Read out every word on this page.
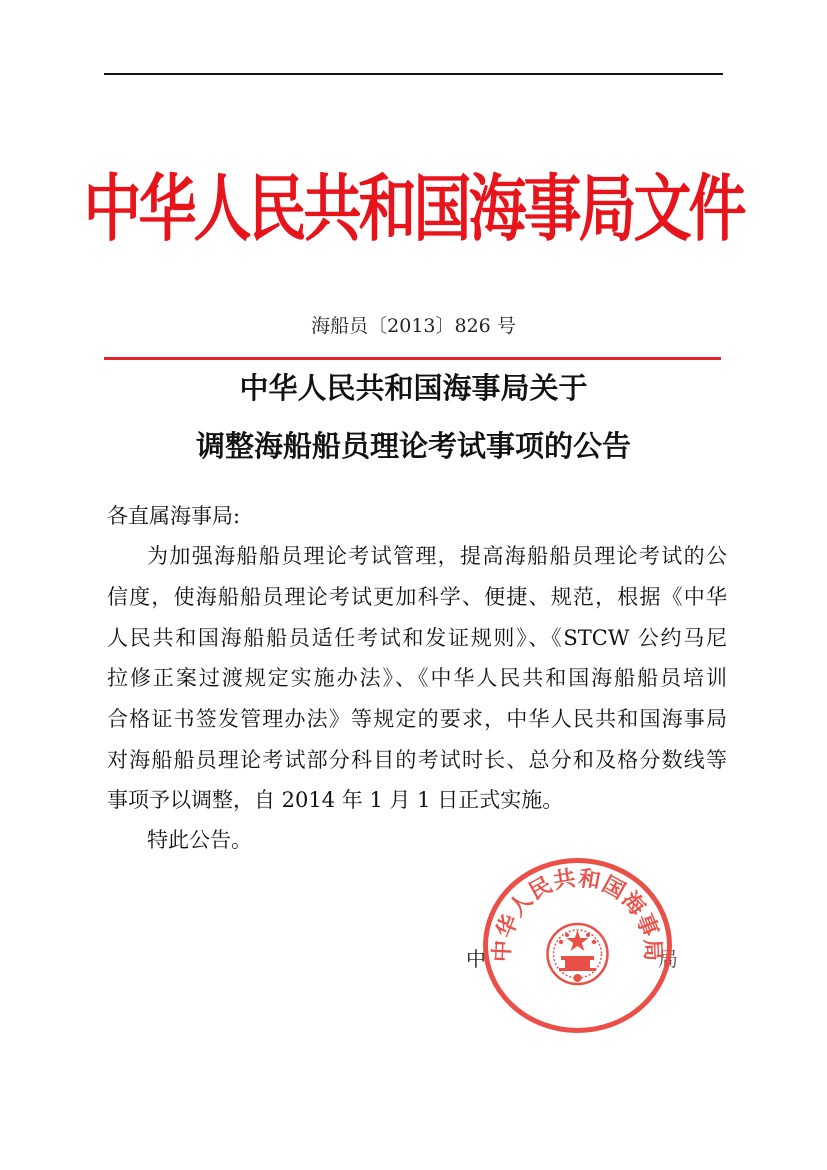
中华人民共和国海事局文件
海船员〔2013〕826 号
中华人民共和国海事局关于
调整海船船员理论考试事项的公告
各直属海事局:
为加强海船船员理论考试管理，提高海船船员理论考试的公
信度，使海船船员理论考试更加科学、便捷、规范，根据《中华
人民共和国海船船员适任考试和发证规则》、《STCW 公约马尼
拉修正案过渡规定实施办法》、《中华人民共和国海船船员培训
合格证书签发管理办法》等规定的要求，中华人民共和国海事局
对海船船员理论考试部分科目的考试时长、总分和及格分数线等
事项予以调整，自 2014 年 1 月 1 日正式实施。
特此公告。
中	局
中华人民共和国海事局
